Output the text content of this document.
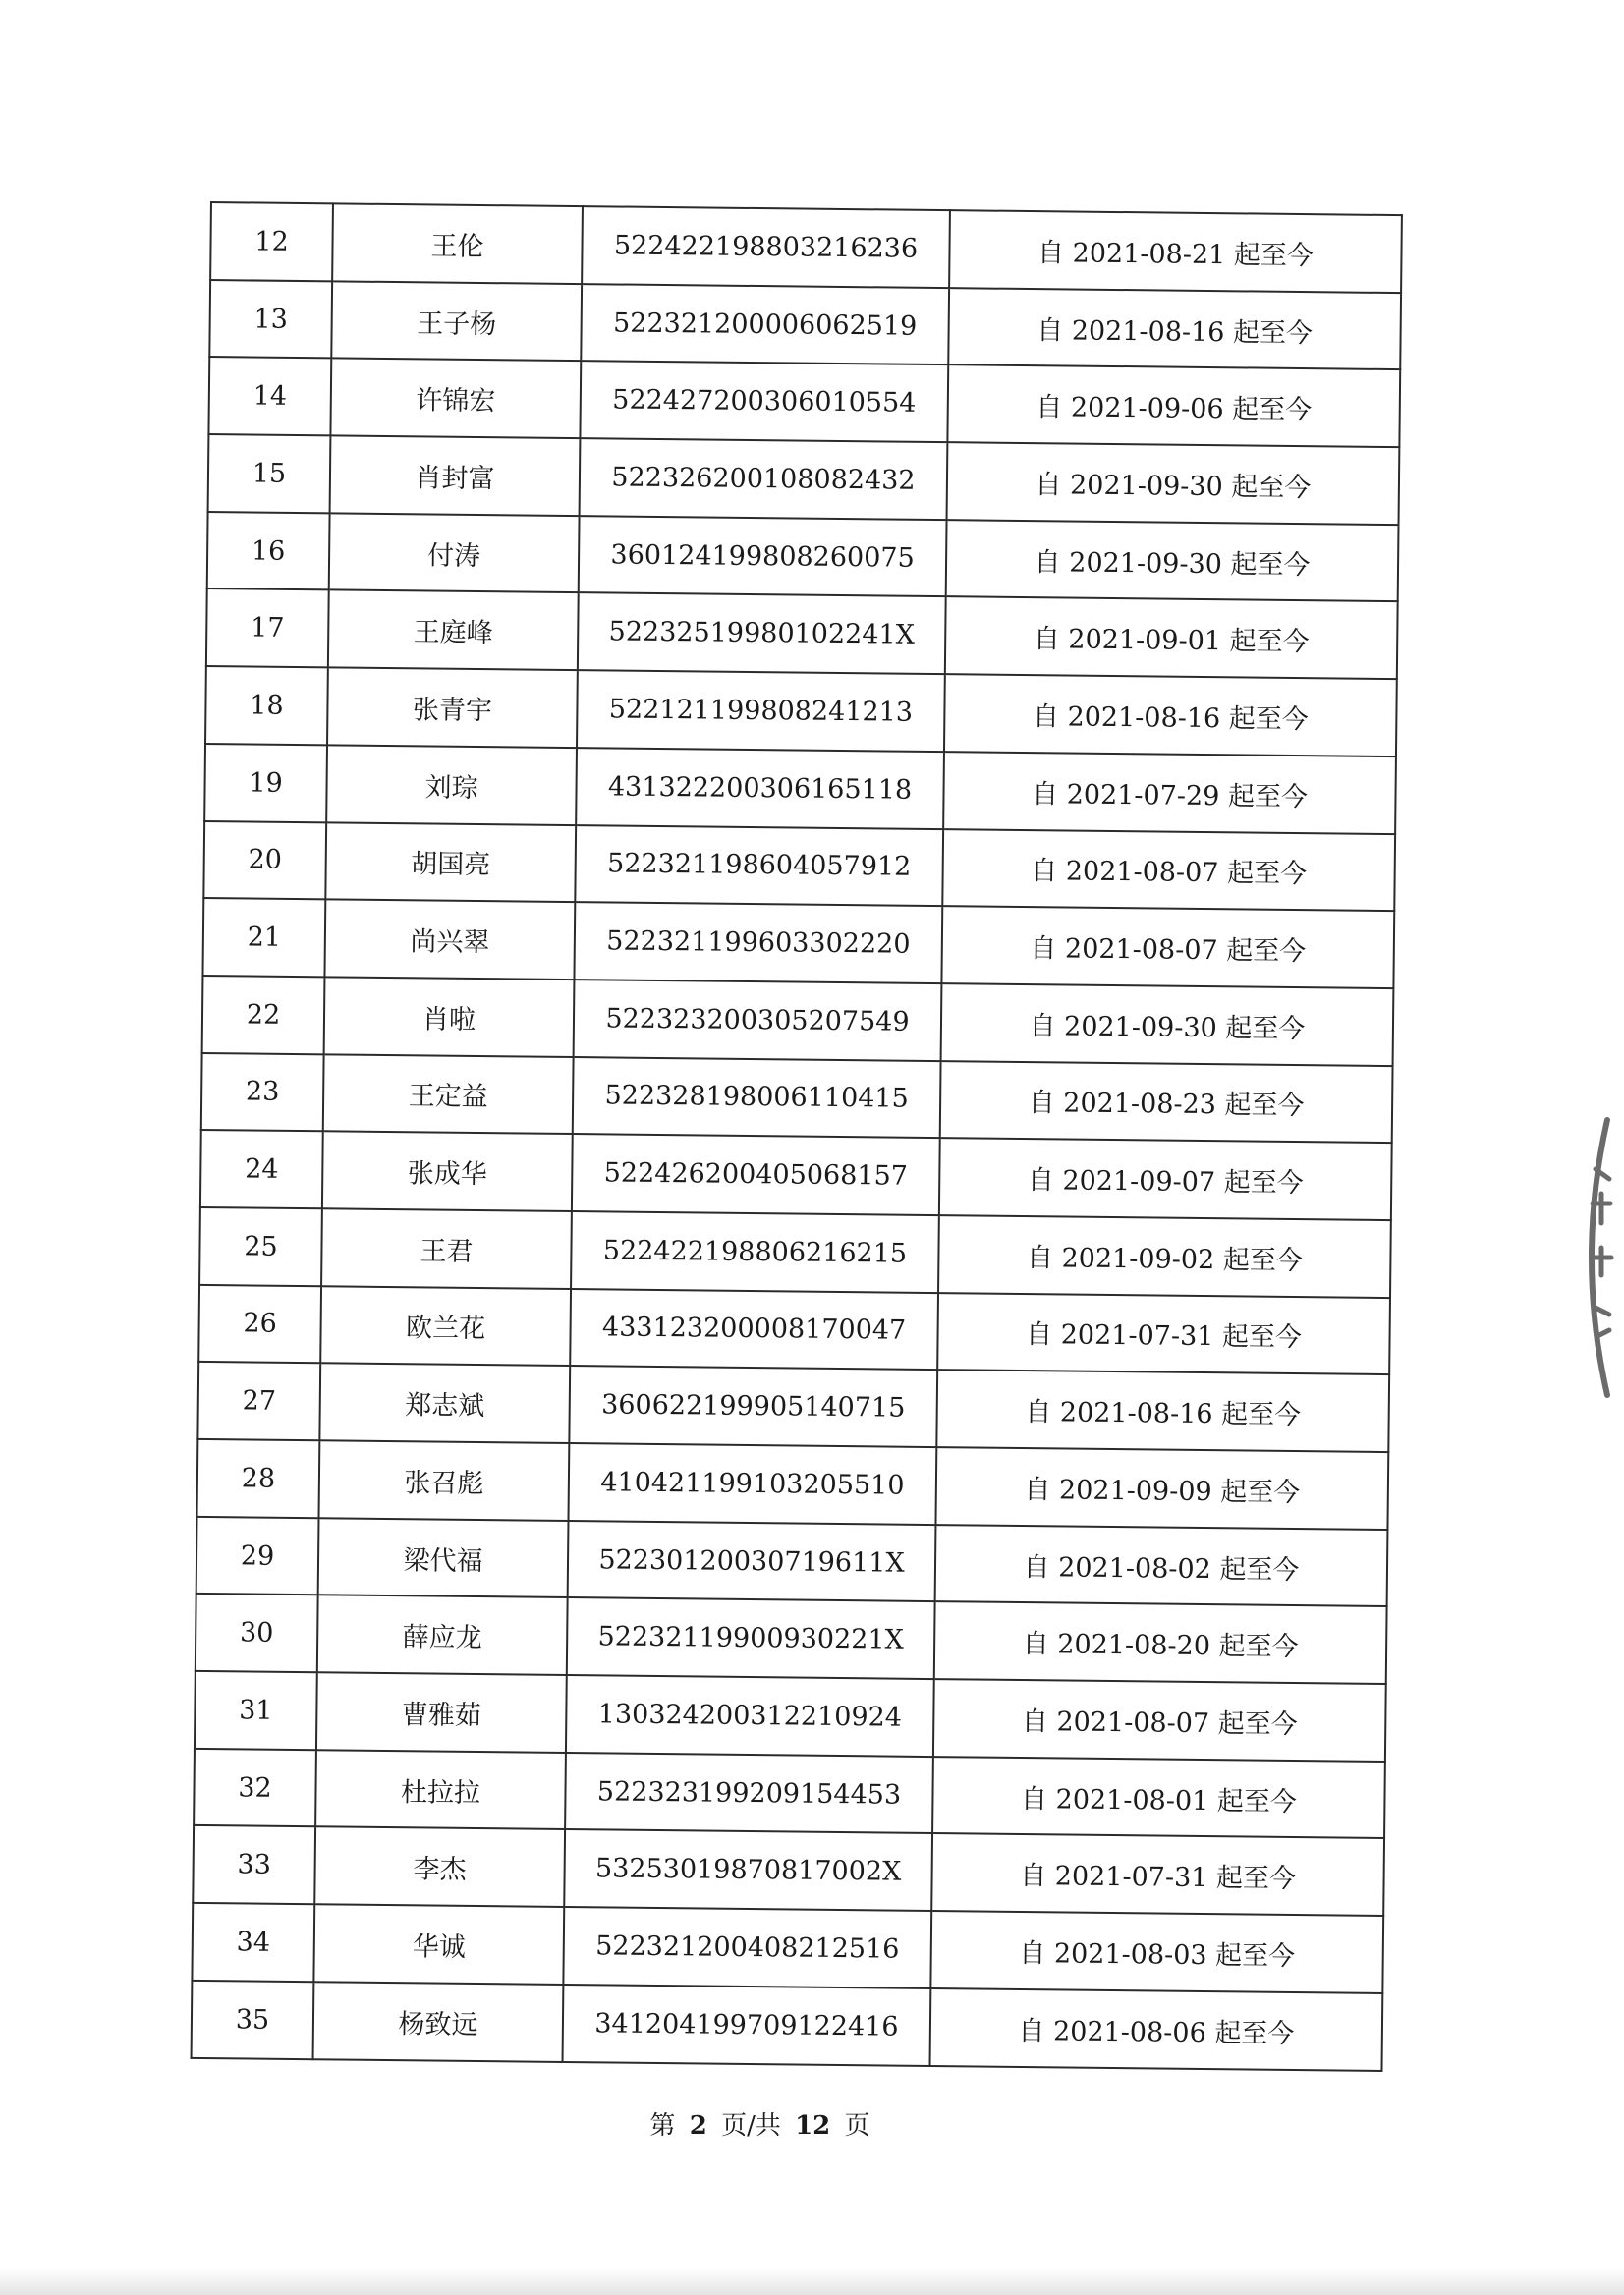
12	王伦	522422198803216236	自 2021-08-21 起至今
13	王子杨	522321200006062519	自 2021-08-16 起至今
14	许锦宏	522427200306010554	自 2021-09-06 起至今
15	肖封富	522326200108082432	自 2021-09-30 起至今
16	付涛	360124199808260075	自 2021-09-30 起至今
17	王庭峰	52232519980102241X	自 2021-09-01 起至今
18	张青宇	522121199808241213	自 2021-08-16 起至今
19	刘琮	431322200306165118	自 2021-07-29 起至今
20	胡国亮	522321198604057912	自 2021-08-07 起至今
21	尚兴翠	522321199603302220	自 2021-08-07 起至今
22	肖啦	522323200305207549	自 2021-09-30 起至今
23	王定益	522328198006110415	自 2021-08-23 起至今
24	张成华	522426200405068157	自 2021-09-07 起至今
25	王君	522422198806216215	自 2021-09-02 起至今
26	欧兰花	433123200008170047	自 2021-07-31 起至今
27	郑志斌	360622199905140715	自 2021-08-16 起至今
28	张召彪	410421199103205510	自 2021-09-09 起至今
29	梁代福	52230120030719611X	自 2021-08-02 起至今
30	薛应龙	52232119900930221X	自 2021-08-20 起至今
31	曹雅茹	130324200312210924	自 2021-08-07 起至今
32	杜拉拉	522323199209154453	自 2021-08-01 起至今
33	李杰	53253019870817002X	自 2021-07-31 起至今
34	华诚	522321200408212516	自 2021-08-03 起至今
35	杨致远	341204199709122416	自 2021-08-06 起至今
第 2 页/共 12 页
